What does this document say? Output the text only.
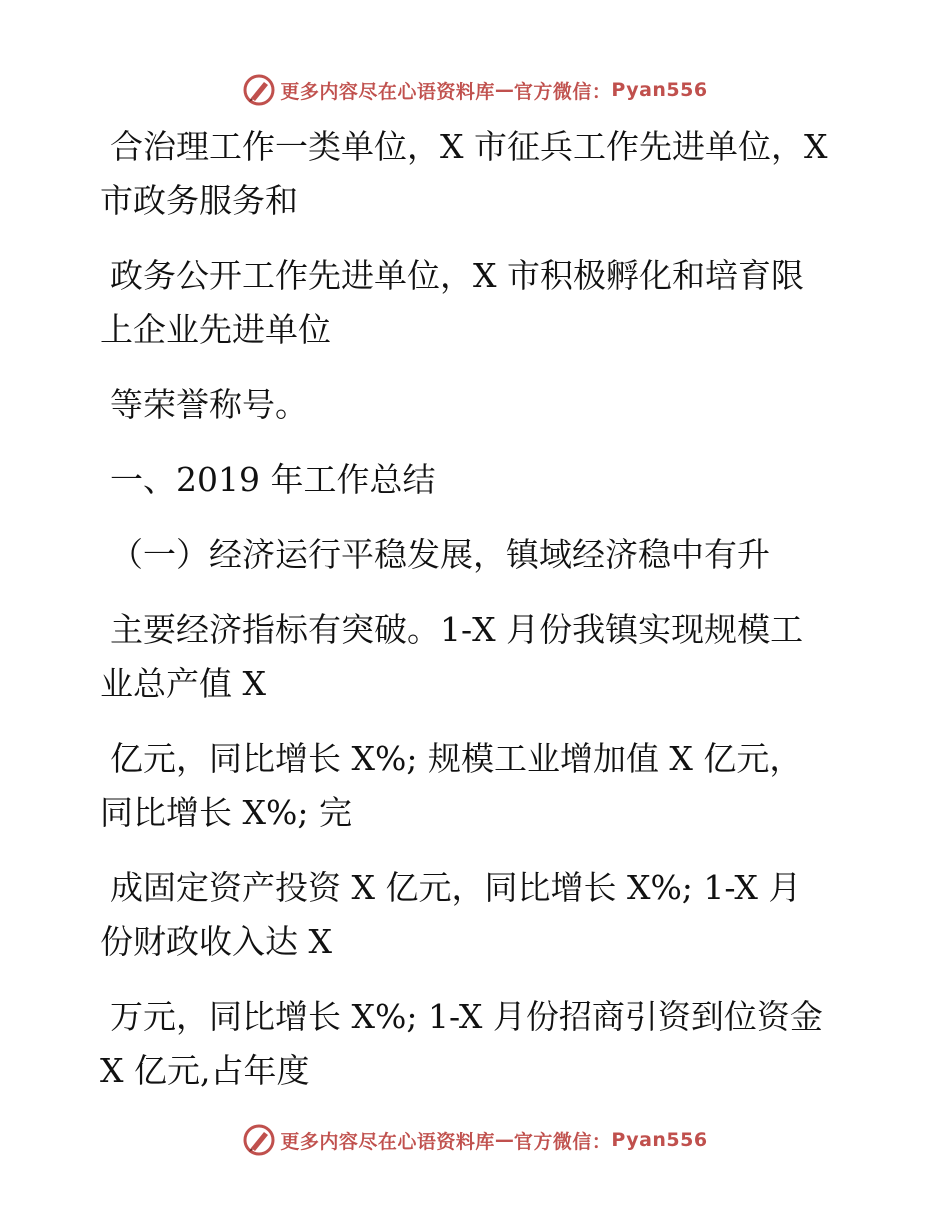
更多内容尽在心语资料库 — 官方微信： Pyan556

合治理工作一类单位，X 市征兵工作先进单位，X
市政务服务和

政务公开工作先进单位，X 市积极孵化和培育限
上企业先进单位

等荣誉称号。

一、2019 年工作总结

（一）经济运行平稳发展，镇域经济稳中有升

主要经济指标有突破。1-X 月份我镇实现规模工
业总产值 X

亿元，同比增长 X%; 规模工业增加值 X 亿元，
同比增长 X%; 完

成固定资产投资 X 亿元，同比增长 X%; 1-X 月
份财政收入达 X

万元，同比增长 X%; 1-X 月份招商引资到位资金
X 亿元,占年度

更多内容尽在心语资料库 — 官方微信： Pyan556
